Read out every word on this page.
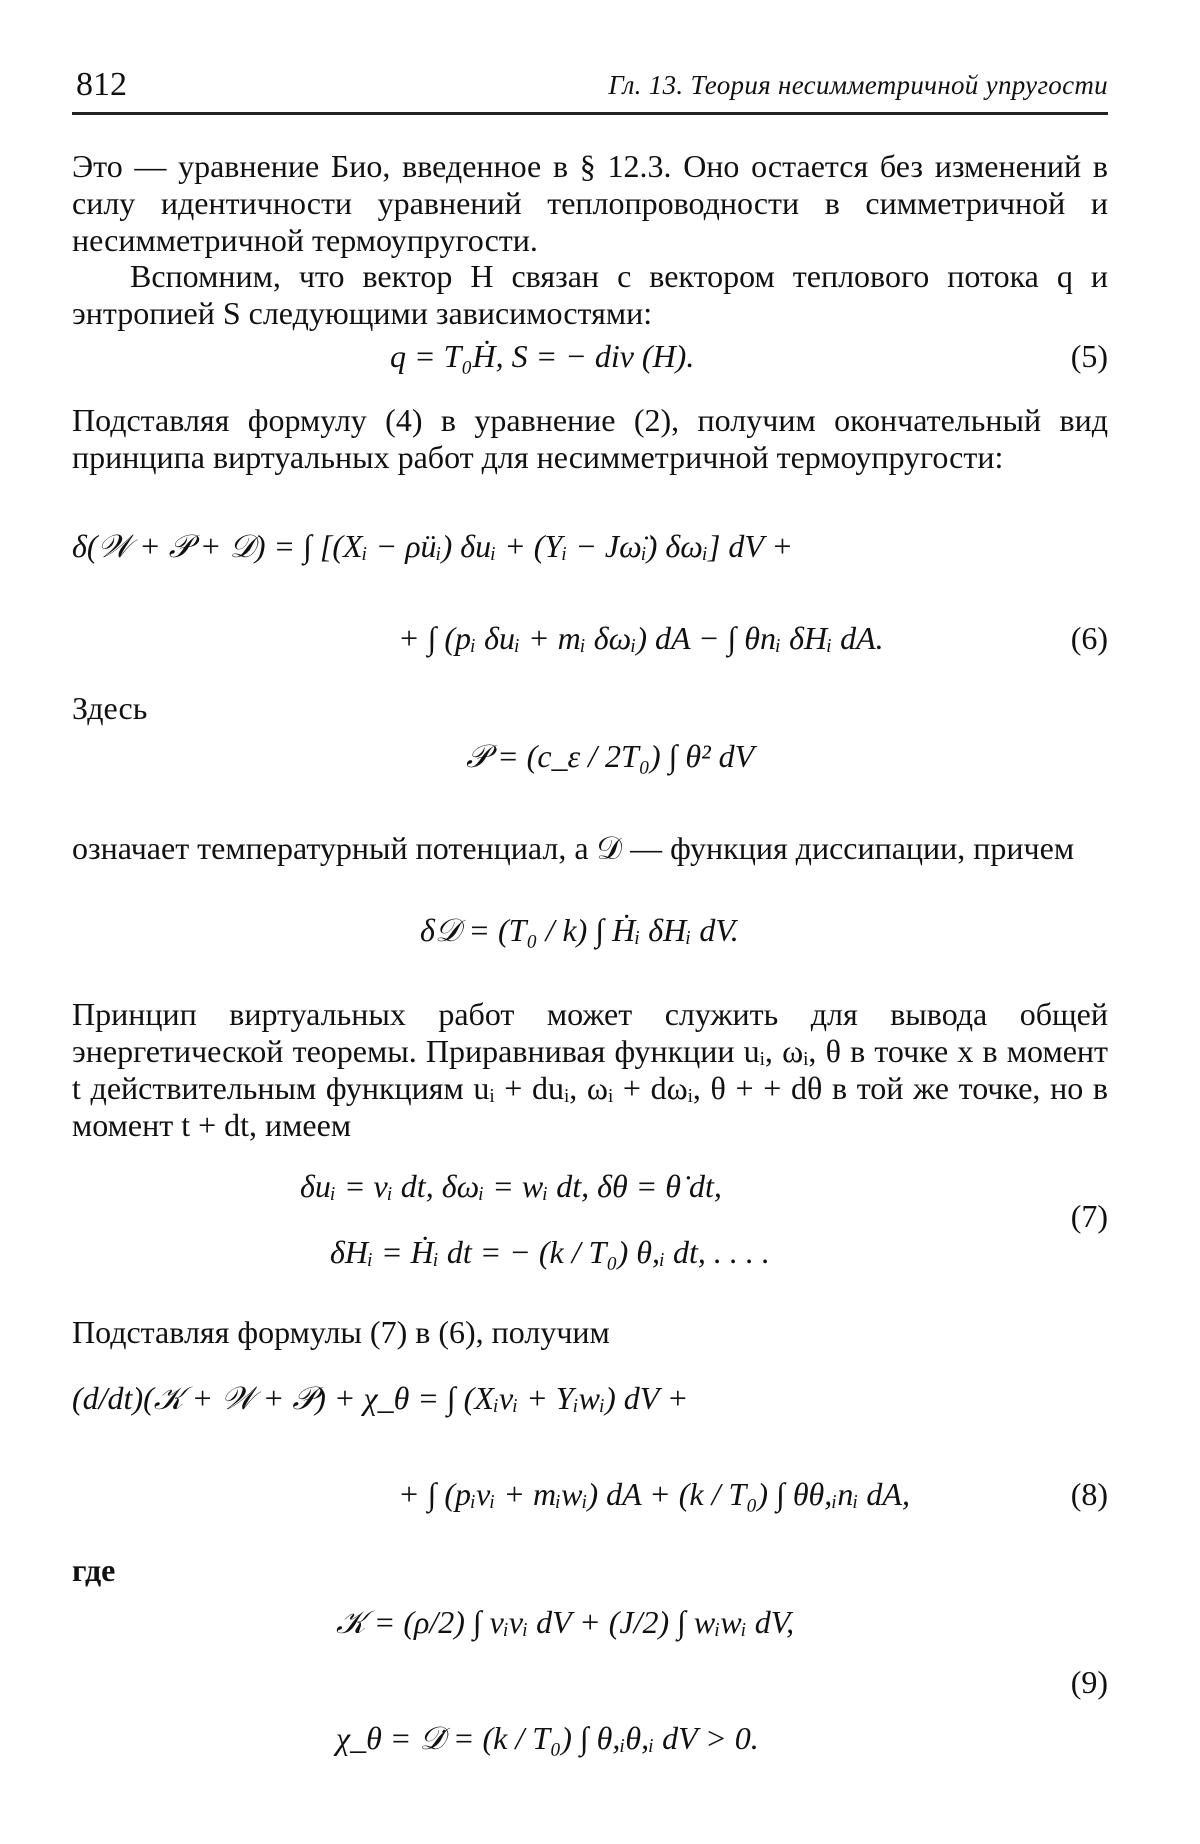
812	Гл. 13. Теория несимметричной упругости

Это — уравнение Био, введенное в § 12.3. Оно остается без изменений в силу идентичности уравнений теплопроводности в симметричной и несимметричной термоупругости.

Вспомним, что вектор H связан с вектором теплового потока q и энтропией S следующими зависимостями:

q = T₀Ḣ, S = − div (H).	(5)

Подставляя формулу (4) в уравнение (2), получим окончательный вид принципа виртуальных работ для несимметричной термоупругости:

δ(𝒲 + 𝒫 + 𝒟) = ∫ [(Xᵢ − ρüᵢ) δuᵢ + (Yᵢ − Jω̈ᵢ) δωᵢ] dV +
+ ∫ (pᵢ δuᵢ + mᵢ δωᵢ) dA − ∫ θnᵢ δHᵢ dA.	(6)
Здесь
𝒫 = (c_ε / 2T₀) ∫ θ² dV

означает температурный потенциал, а 𝒟 — функция диссипации, причем

δ𝒟 = (T₀ / k) ∫ Ḣᵢ δHᵢ dV.

Принцип виртуальных работ может служить для вывода общей энергетической теоремы. Приравнивая функции uᵢ, ωᵢ, θ в точке x в момент t действительным функциям uᵢ + duᵢ, ωᵢ + dωᵢ, θ + + dθ в той же точке, но в момент t + dt, имеем

δuᵢ = vᵢ dt, δωᵢ = wᵢ dt, δθ = θ̇ dt,
δHᵢ = Ḣᵢ dt = − (k / T₀) θ,ᵢ dt, . . . .
(7)
Подставляя формулы (7) в (6), получим
(d/dt)(𝒦 + 𝒲 + 𝒫) + χ_θ = ∫ (Xᵢvᵢ + Yᵢwᵢ) dV +
+ ∫ (pᵢvᵢ + mᵢwᵢ) dA + (k / T₀) ∫ θθ,ᵢnᵢ dA,	(8)
где
𝒦 = (ρ/2) ∫ vᵢvᵢ dV + (J/2) ∫ wᵢwᵢ dV,
χ_θ = 𝒟̇ = (k / T₀) ∫ θ,ᵢθ,ᵢ dV > 0.
(9)
